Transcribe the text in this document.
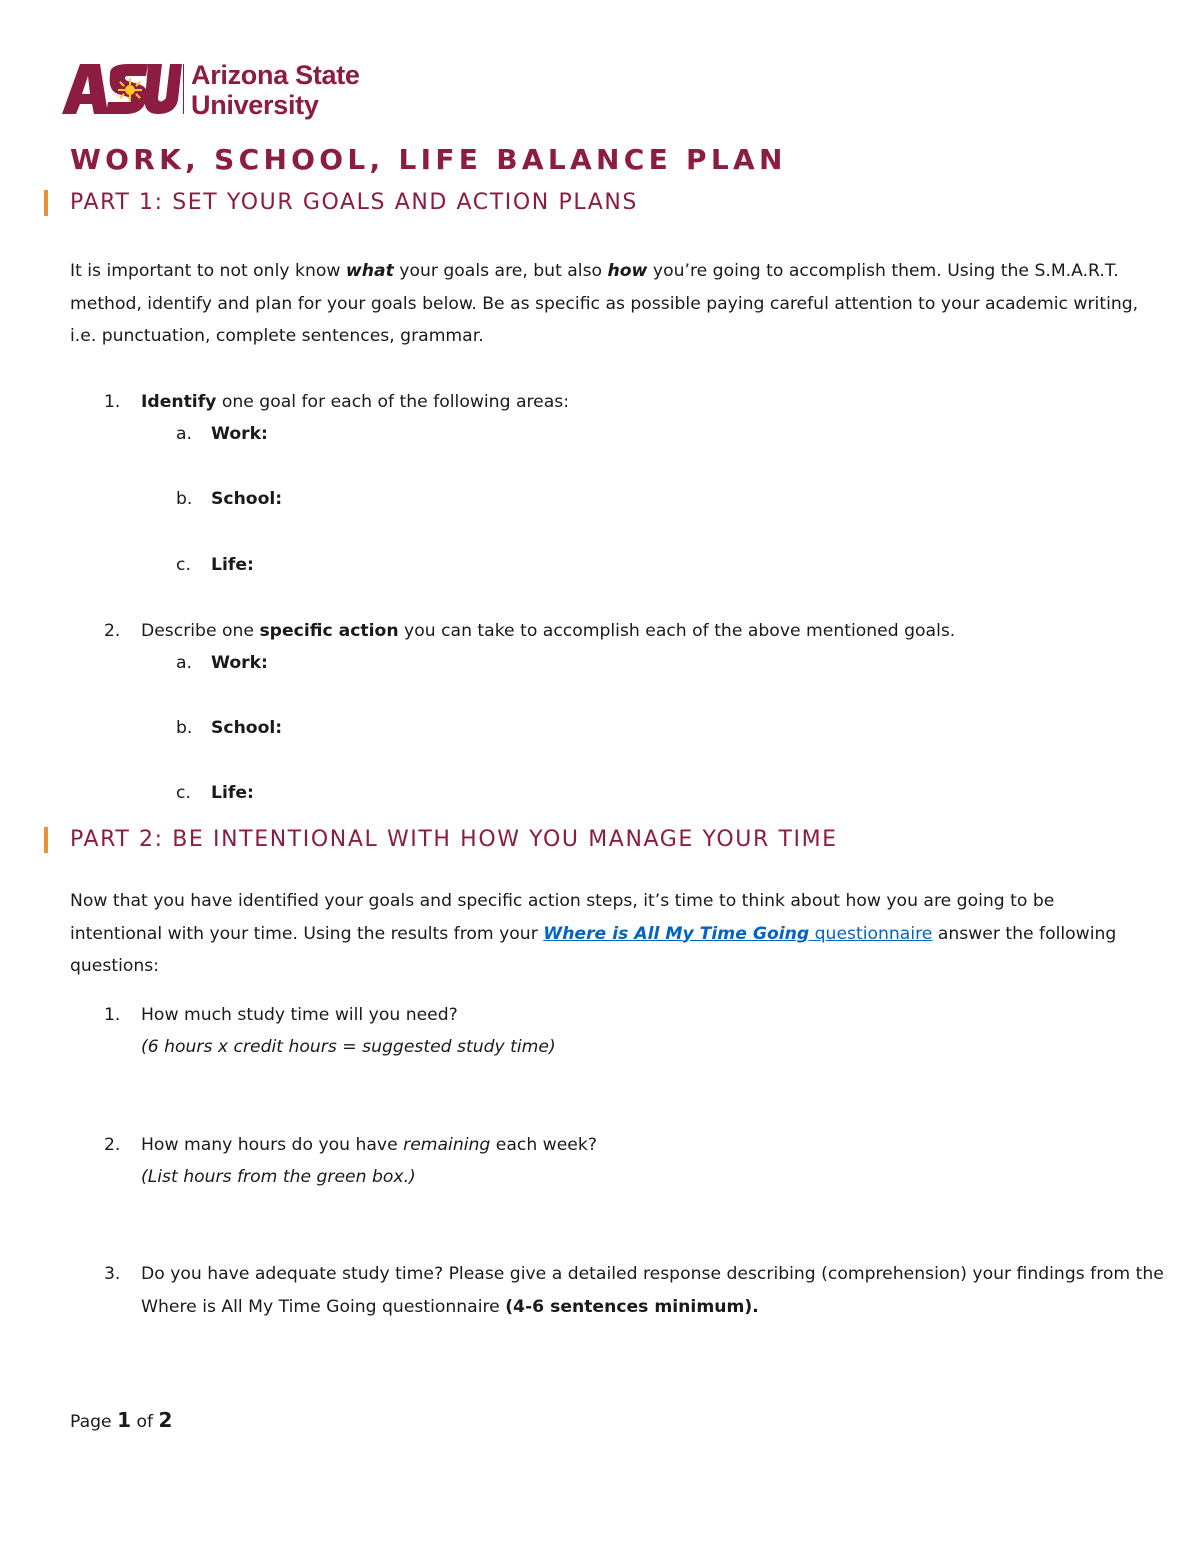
Arizona State
University
WORK, SCHOOL, LIFE BALANCE PLAN
PART 1: SET YOUR GOALS AND ACTION PLANS
It is important to not only know what your goals are, but also how you’re going to accomplish them. Using the S.M.A.R.T. method, identify and plan for your goals below. Be as specific as possible paying careful attention to your academic writing, i.e. punctuation, complete sentences, grammar.
1. Identify one goal for each of the following areas:
a. Work:
b. School:
c. Life:
2. Describe one specific action you can take to accomplish each of the above mentioned goals.
a. Work:
b. School:
c. Life:
PART 2: BE INTENTIONAL WITH HOW YOU MANAGE YOUR TIME
Now that you have identified your goals and specific action steps, it’s time to think about how you are going to be intentional with your time. Using the results from your Where is All My Time Going questionnaire answer the following questions:
1. How much study time will you need?
(6 hours x credit hours = suggested study time)
2. How many hours do you have remaining each week?
(List hours from the green box.)
3. Do you have adequate study time? Please give a detailed response describing (comprehension) your findings from the
Where is All My Time Going questionnaire (4-6 sentences minimum).
Page 1 of 2
